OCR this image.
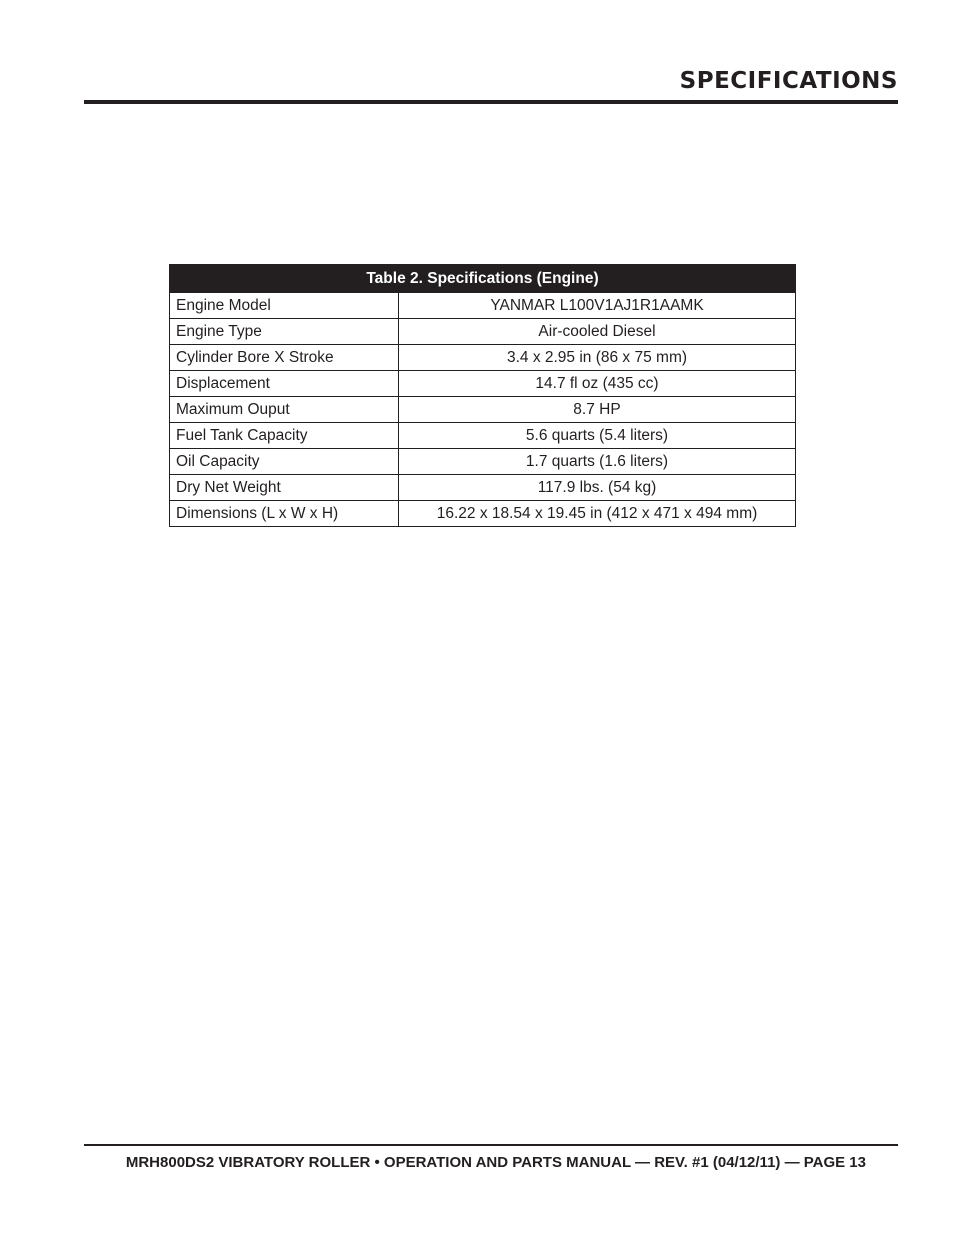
SPECIFICATIONS
Table 2. Specifications (Engine)
Engine Model	YANMAR L100V1AJ1R1AAMK
Engine Type	Air-cooled Diesel
Cylinder Bore X Stroke	3.4 x 2.95 in (86 x 75 mm)
Displacement	14.7 fl oz (435 cc)
Maximum Ouput	8.7 HP
Fuel Tank Capacity	5.6 quarts (5.4 liters)
Oil Capacity	1.7 quarts (1.6 liters)
Dry Net Weight	117.9 lbs. (54 kg)
Dimensions (L x W x H)	16.22 x 18.54 x 19.45 in (412 x 471 x 494 mm)
MRH800DS2 VIBRATORY ROLLER • OPERATION AND PARTS MANUAL — REV. #1 (04/12/11) — PAGE 13
